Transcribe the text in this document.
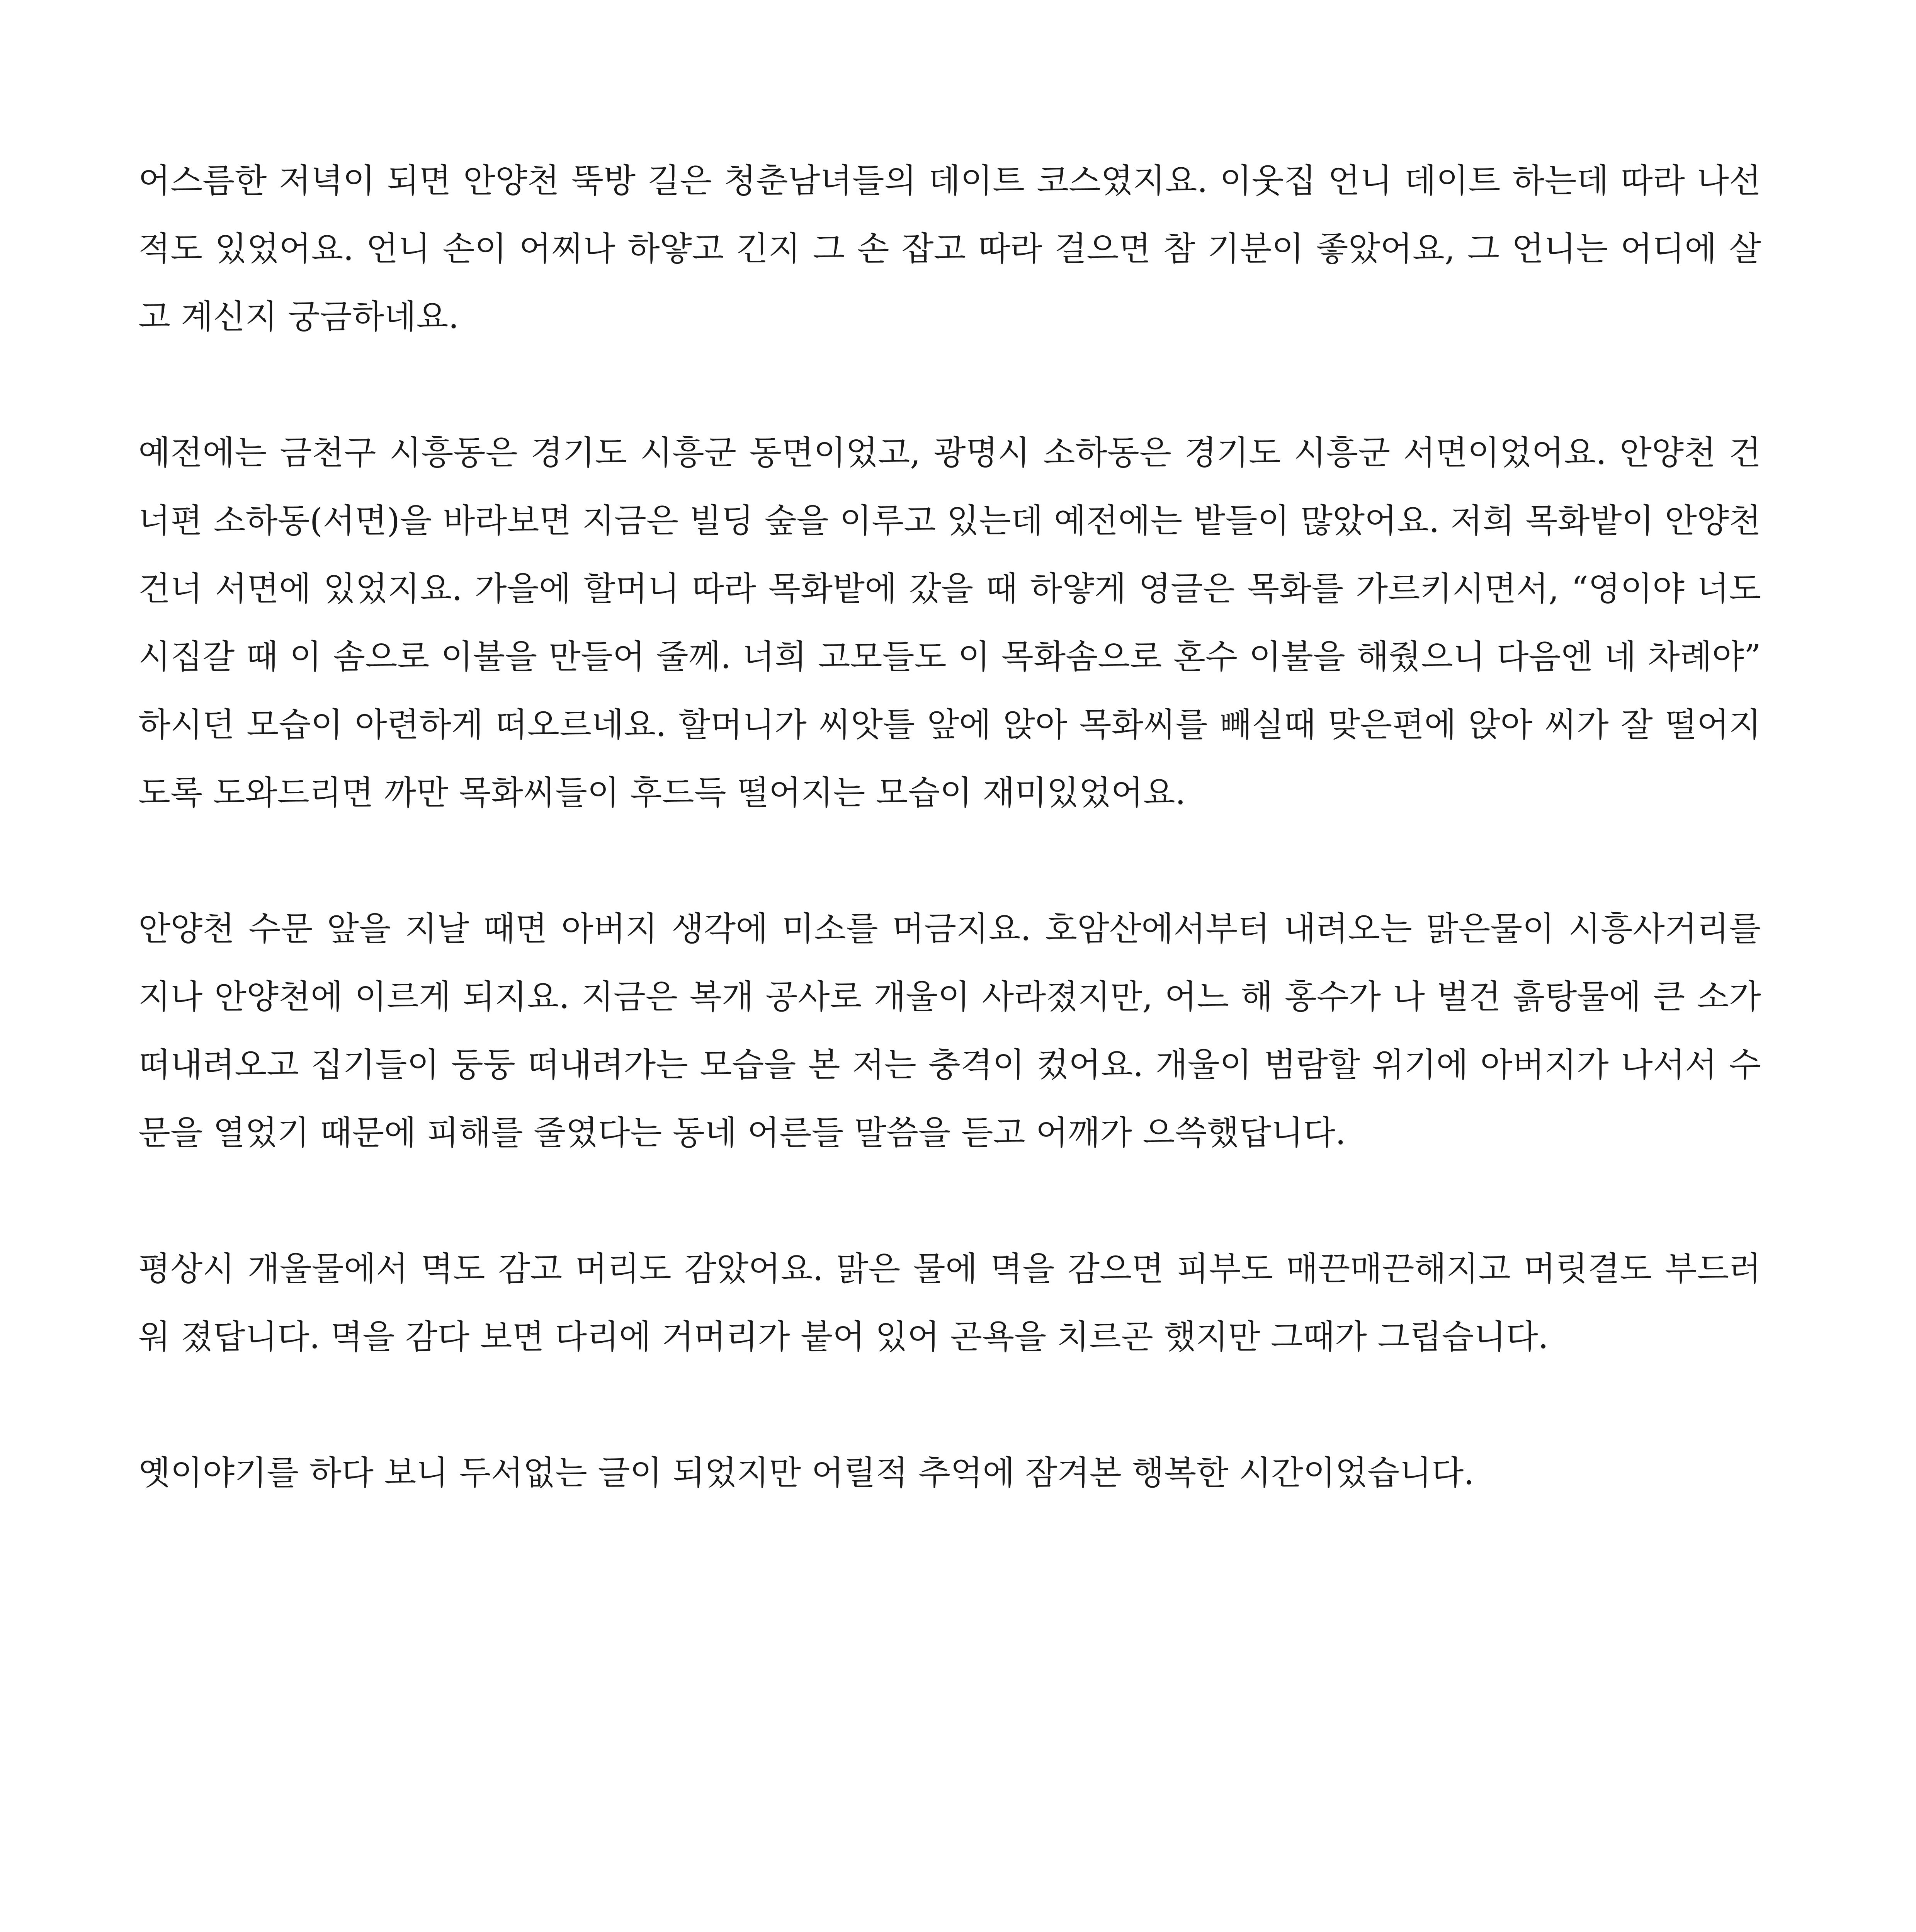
어스름한 저녁이 되면 안양천 뚝방 길은 청춘남녀들의 데이트 코스였지요. 이웃집 언니 데이트 하는데 따라 나선적도 있었어요. 언니 손이 어찌나 하얗고 긴지 그 손 잡고 따라 걸으면 참 기분이 좋았어요, 그 언니는 어디에 살고 계신지 궁금하네요.

예전에는 금천구 시흥동은 경기도 시흥군 동면이었고, 광명시 소하동은 경기도 시흥군 서면이었어요. 안양천 건너편 소하동(서면)을 바라보면 지금은 빌딩 숲을 이루고 있는데 예전에는 밭들이 많았어요. 저희 목화밭이 안양천 건너 서면에 있었지요. 가을에 할머니 따라 목화밭에 갔을 때 하얗게 영글은 목화를 가르키시면서, “영이야 너도 시집갈 때 이 솜으로 이불을 만들어 줄께. 너희 고모들도 이 목화솜으로 혼수 이불을 해줬으니 다음엔 네 차례야” 하시던 모습이 아련하게 떠오르네요. 할머니가 씨앗틀 앞에 앉아 목화씨를 빼실때 맞은편에 앉아 씨가 잘 떨어지도록 도와드리면 까만 목화씨들이 후드득 떨어지는 모습이 재미있었어요.

안양천 수문 앞을 지날 때면 아버지 생각에 미소를 머금지요. 호암산에서부터 내려오는 맑은물이 시흥사거리를 지나 안양천에 이르게 되지요. 지금은 복개 공사로 개울이 사라졌지만, 어느 해 홍수가 나 벌건 흙탕물에 큰 소가 떠내려오고 집기들이 둥둥 떠내려가는 모습을 본 저는 충격이 컸어요. 개울이 범람할 위기에 아버지가 나서서 수문을 열었기 때문에 피해를 줄였다는 동네 어른들 말씀을 듣고 어깨가 으쓱했답니다.

평상시 개울물에서 멱도 감고 머리도 감았어요. 맑은 물에 멱을 감으면 피부도 매끈매끈해지고 머릿결도 부드러워 졌답니다. 멱을 감다 보면 다리에 거머리가 붙어 있어 곤욕을 치르곤 했지만 그때가 그립습니다.

옛이야기를 하다 보니 두서없는 글이 되었지만 어릴적 추억에 잠겨본 행복한 시간이었습니다.
